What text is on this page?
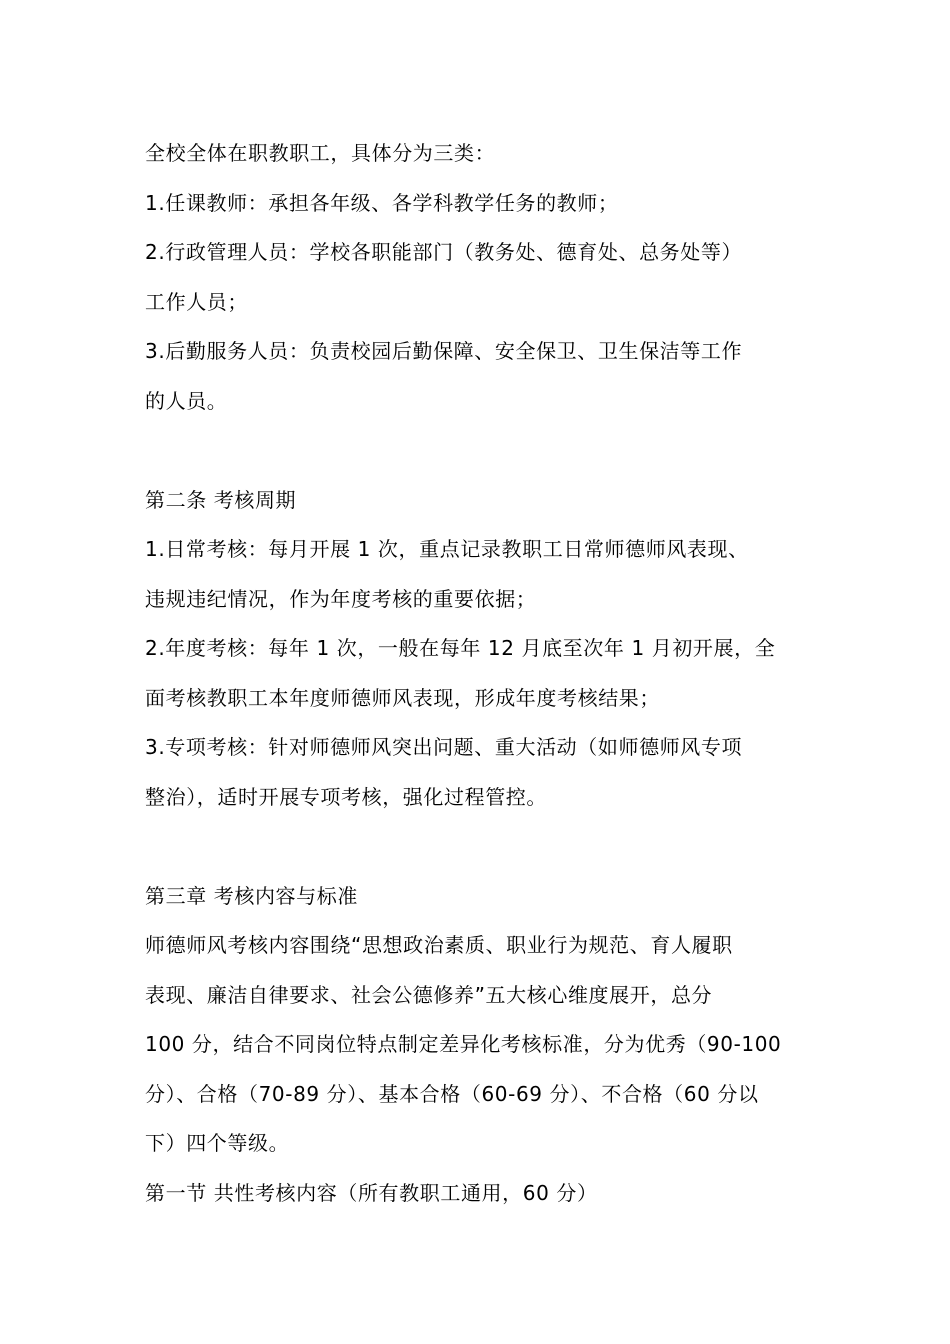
全校全体在职教职工，具体分为三类：
1.任课教师：承担各年级、各学科教学任务的教师；
2.行政管理人员：学校各职能部门（教务处、德育处、总务处等）
工作人员；
3.后勤服务人员：负责校园后勤保障、安全保卫、卫生保洁等工作
的人员。
第二条 考核周期
1.日常考核：每月开展 1 次，重点记录教职工日常师德师风表现、
违规违纪情况，作为年度考核的重要依据；
2.年度考核：每年 1 次，一般在每年 12 月底至次年 1 月初开展，全
面考核教职工本年度师德师风表现，形成年度考核结果；
3.专项考核：针对师德师风突出问题、重大活动（如师德师风专项
整治），适时开展专项考核，强化过程管控。
第三章 考核内容与标准
师德师风考核内容围绕“思想政治素质、职业行为规范、育人履职
表现、廉洁自律要求、社会公德修养”五大核心维度展开，总分
100 分，结合不同岗位特点制定差异化考核标准，分为优秀（90-100
分）、合格（70-89 分）、基本合格（60-69 分）、不合格（60 分以
下）四个等级。
第一节 共性考核内容（所有教职工通用，60 分）
